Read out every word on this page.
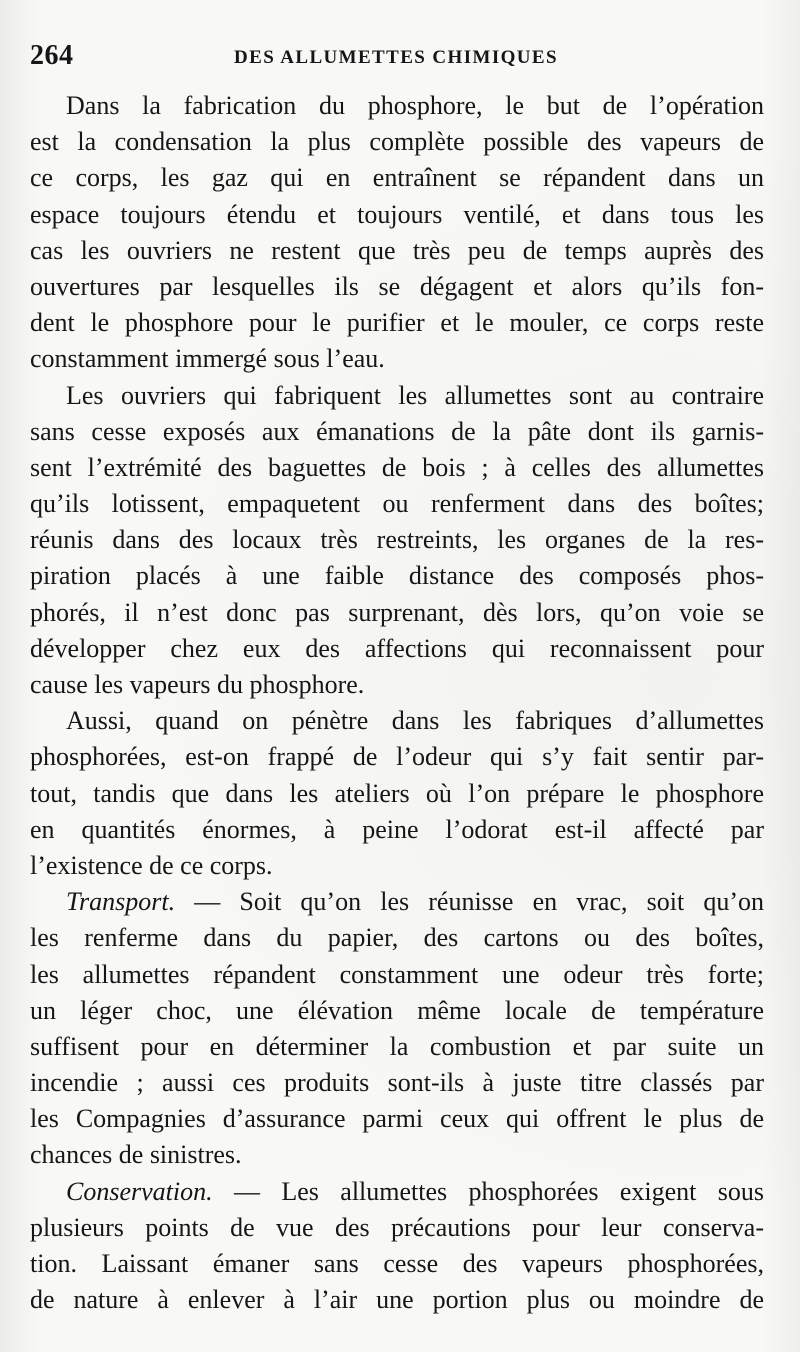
264	DES ALLUMETTES CHIMIQUES
Dans la fabrication du phosphore, le but de l’opération
est la condensation la plus complète possible des vapeurs de
ce corps, les gaz qui en entraînent se répandent dans un
espace toujours étendu et toujours ventilé, et dans tous les
cas les ouvriers ne restent que très peu de temps auprès des
ouvertures par lesquelles ils se dégagent et alors qu’ils fon-
dent le phosphore pour le purifier et le mouler, ce corps reste
constamment immergé sous l’eau.
Les ouvriers qui fabriquent les allumettes sont au contraire
sans cesse exposés aux émanations de la pâte dont ils garnis-
sent l’extrémité des baguettes de bois ; à celles des allumettes
qu’ils lotissent, empaquetent ou renferment dans des boîtes;
réunis dans des locaux très restreints, les organes de la res-
piration placés à une faible distance des composés phos-
phorés, il n’est donc pas surprenant, dès lors, qu’on voie se
développer chez eux des affections qui reconnaissent pour
cause les vapeurs du phosphore.
Aussi, quand on pénètre dans les fabriques d’allumettes
phosphorées, est-on frappé de l’odeur qui s’y fait sentir par-
tout, tandis que dans les ateliers où l’on prépare le phosphore
en quantités énormes, à peine l’odorat est-il affecté par
l’existence de ce corps.
Transport. — Soit qu’on les réunisse en vrac, soit qu’on
les renferme dans du papier, des cartons ou des boîtes,
les allumettes répandent constamment une odeur très forte;
un léger choc, une élévation même locale de température
suffisent pour en déterminer la combustion et par suite un
incendie ; aussi ces produits sont-ils à juste titre classés par
les Compagnies d’assurance parmi ceux qui offrent le plus de
chances de sinistres.
Conservation. — Les allumettes phosphorées exigent sous
plusieurs points de vue des précautions pour leur conserva-
tion. Laissant émaner sans cesse des vapeurs phosphorées,
de nature à enlever à l’air une portion plus ou moindre de
